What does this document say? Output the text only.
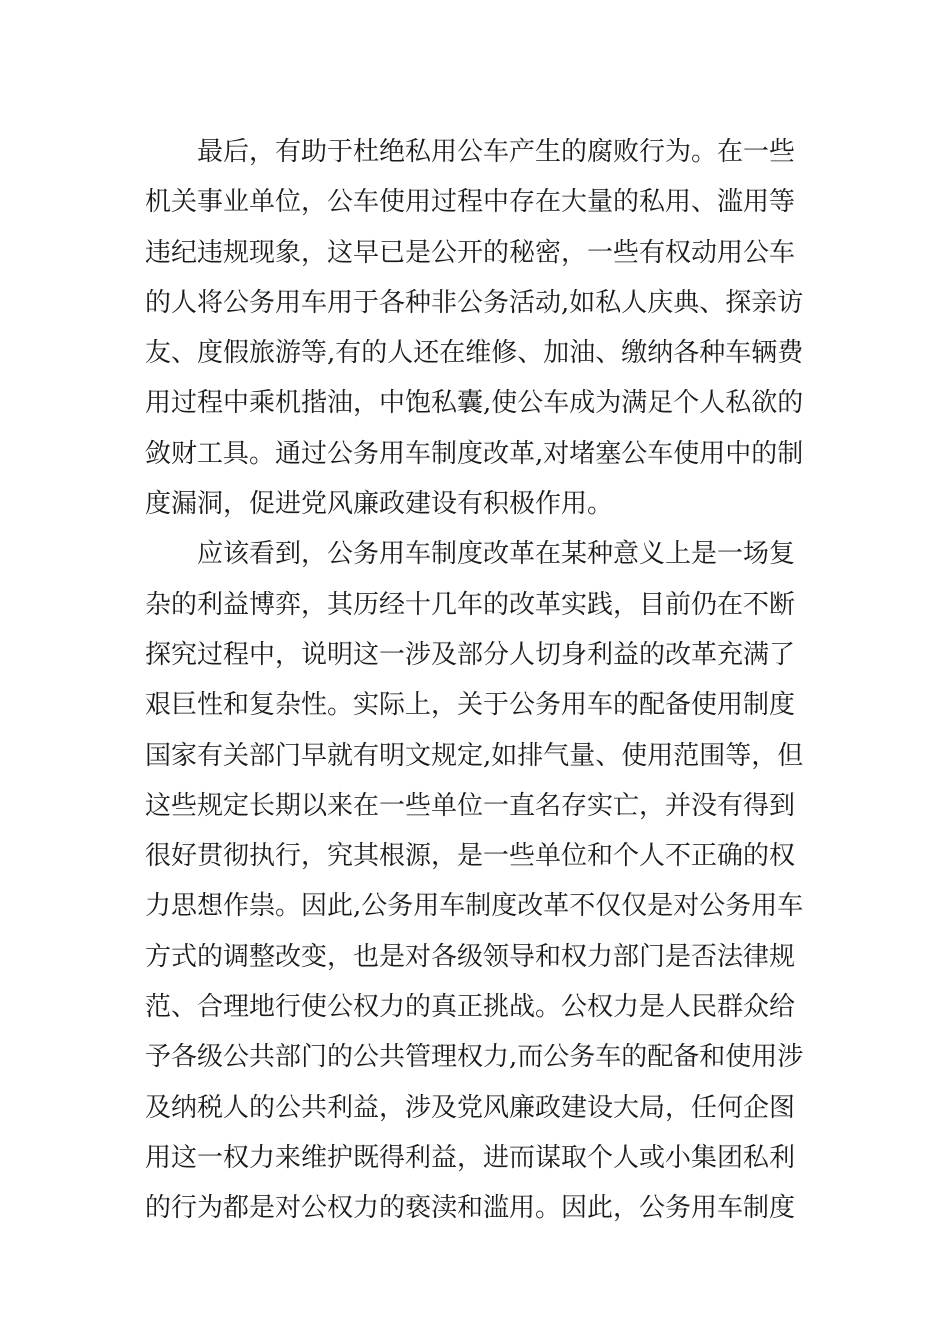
最后，有助于杜绝私用公车产生的腐败行为。在一些
机关事业单位，公车使用过程中存在大量的私用、滥用等
违纪违规现象，这早已是公开的秘密，一些有权动用公车
的人将公务用车用于各种非公务活动,如私人庆典、探亲访
友、度假旅游等,有的人还在维修、加油、缴纳各种车辆费
用过程中乘机揩油，中饱私囊,使公车成为满足个人私欲的
敛财工具。通过公务用车制度改革,对堵塞公车使用中的制
度漏洞，促进党风廉政建设有积极作用。
应该看到，公务用车制度改革在某种意义上是一场复
杂的利益博弈，其历经十几年的改革实践，目前仍在不断
探究过程中，说明这一涉及部分人切身利益的改革充满了
艰巨性和复杂性。实际上，关于公务用车的配备使用制度
国家有关部门早就有明文规定,如排气量、使用范围等，但
这些规定长期以来在一些单位一直名存实亡，并没有得到
很好贯彻执行，究其根源，是一些单位和个人不正确的权
力思想作祟。因此,公务用车制度改革不仅仅是对公务用车
方式的调整改变，也是对各级领导和权力部门是否法律规
范、合理地行使公权力的真正挑战。公权力是人民群众给
予各级公共部门的公共管理权力,而公务车的配备和使用涉
及纳税人的公共利益，涉及党风廉政建设大局，任何企图
用这一权力来维护既得利益，进而谋取个人或小集团私利
的行为都是对公权力的亵渎和滥用。因此，公务用车制度
